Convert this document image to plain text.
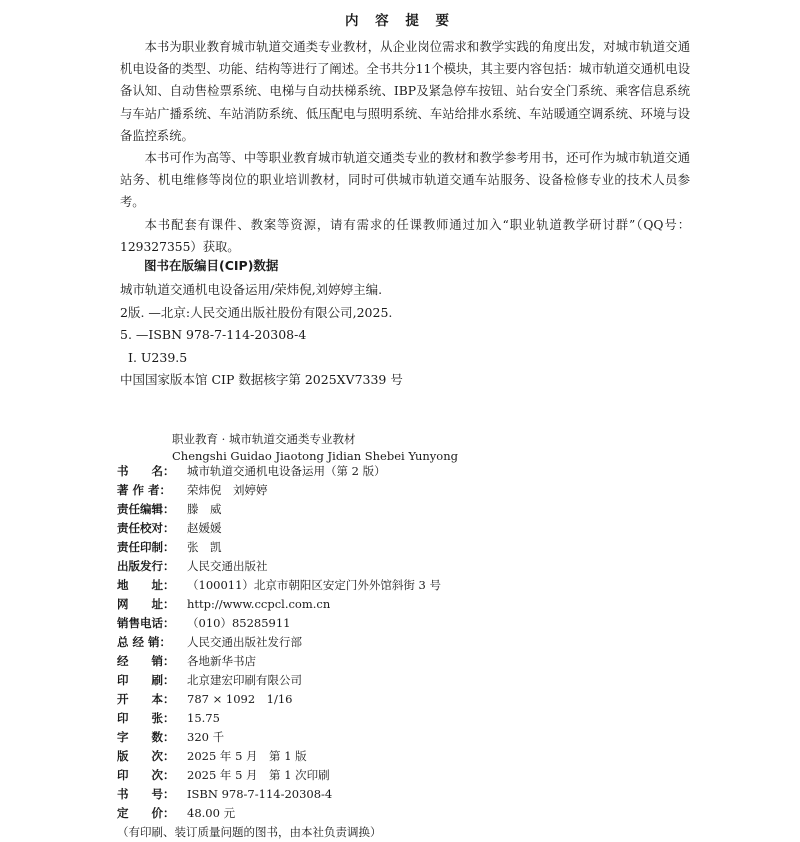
内 容 提 要

本书为职业教育城市轨道交通类专业教材，从企业岗位需求和教学实践的角度出发，对城市轨道交通机电设备的类型、功能、结构等进行了阐述。全书共分11个模块，其主要内容包括：城市轨道交通机电设备认知、自动售检票系统、电梯与自动扶梯系统、IBP及紧急停车按钮、站台安全门系统、乘客信息系统与车站广播系统、车站消防系统、低压配电与照明系统、车站给排水系统、车站暖通空调系统、环境与设备监控系统。

本书可作为高等、中等职业教育城市轨道交通类专业的教材和教学参考用书，还可作为城市轨道交通站务、机电维修等岗位的职业培训教材，同时可供城市轨道交通车站服务、设备检修专业的技术人员参考。

本书配套有课件、教案等资源，请有需求的任课教师通过加入“职业轨道教学研讨群”（QQ号：129327355）获取。

图书在版编目(CIP)数据
城市轨道交通机电设备运用/荣炜倪,刘婷婷主编.
2版. —北京:人民交通出版社股份有限公司,2025.
5. —ISBN 978-7-114-20308-4
Ⅰ. U239.5
中国国家版本馆 CIP 数据核字第 2025XV7339 号
职业教育 · 城市轨道交通类专业教材
Chengshi Guidao Jiaotong Jidian Shebei Yunyong
书　　名：	城市轨道交通机电设备运用（第 2 版）
著 作 者：	荣炜倪　刘婷婷
责任编辑：	滕　威
责任校对：	赵媛媛
责任印制：	张　凯
出版发行：	人民交通出版社
地　　址：	（100011）北京市朝阳区安定门外外馆斜街 3 号
网　　址：	http://www.ccpcl.com.cn
销售电话：	（010）85285911
总 经 销：	人民交通出版社发行部
经　　销：	各地新华书店
印　　刷：	北京建宏印刷有限公司
开　　本：	787 × 1092　1/16
印　　张：	15.75
字　　数：	320 千
版　　次：	2025 年 5 月　第 1 版
印　　次：	2025 年 5 月　第 1 次印刷
书　　号：	ISBN 978-7-114-20308-4
定　　价：	48.00 元
（有印刷、装订质量问题的图书，由本社负责调换）
